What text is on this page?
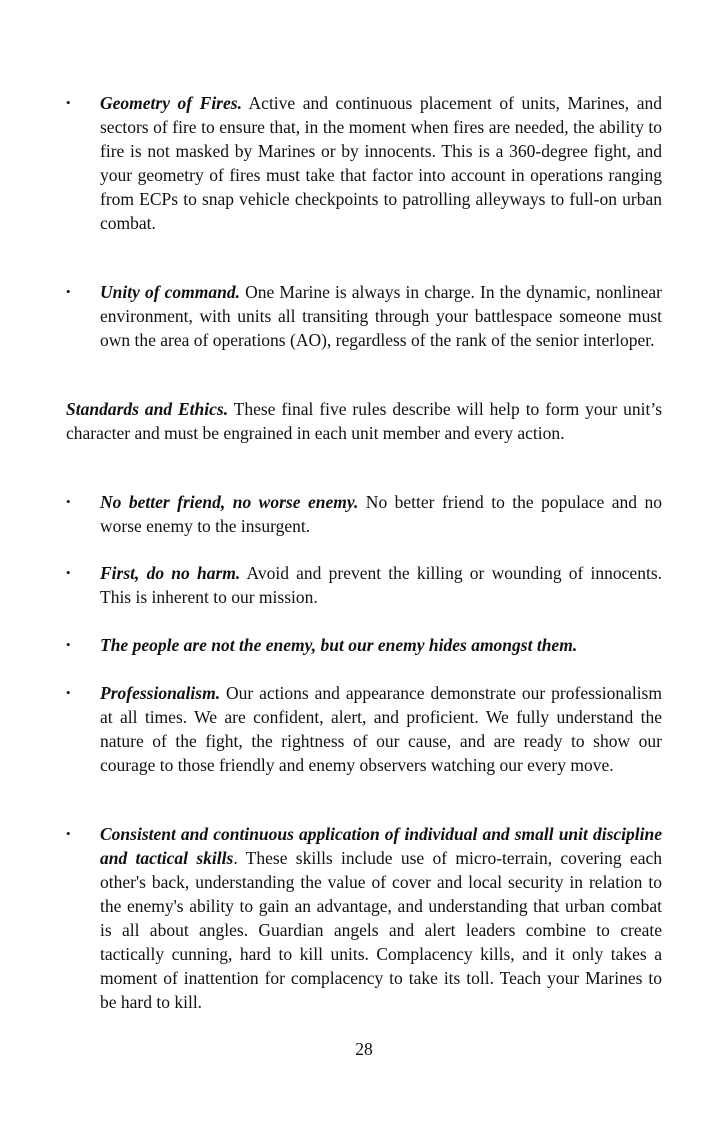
•	Geometry of Fires. Active and continuous placement of units, Marines, and sectors of fire to ensure that, in the moment when fires are needed, the ability to fire is not masked by Marines or by innocents. This is a 360-degree fight, and your geometry of fires must take that factor into account in operations ranging from ECPs to snap vehicle checkpoints to patrolling alleyways to full-on urban combat.
•	Unity of command. One Marine is always in charge. In the dynamic, nonlinear environment, with units all transiting through your battlespace someone must own the area of operations (AO), regardless of the rank of the senior interloper.
Standards and Ethics. These final five rules describe will help to form your unit’s character and must be engrained in each unit member and every action.
•	No better friend, no worse enemy. No better friend to the populace and no worse enemy to the insurgent.
•	First, do no harm. Avoid and prevent the killing or wounding of innocents. This is inherent to our mission.
•	The people are not the enemy, but our enemy hides amongst them.
•	Professionalism. Our actions and appearance demonstrate our professionalism at all times. We are confident, alert, and proficient. We fully understand the nature of the fight, the rightness of our cause, and are ready to show our courage to those friendly and enemy observers watching our every move.
•	Consistent and continuous application of individual and small unit discipline and tactical skills. These skills include use of micro-terrain, covering each other's back, understanding the value of cover and local security in relation to the enemy's ability to gain an advantage, and understanding that urban combat is all about angles. Guardian angels and alert leaders combine to create tactically cunning, hard to kill units. Complacency kills, and it only takes a moment of inattention for complacency to take its toll. Teach your Marines to be hard to kill.
28
